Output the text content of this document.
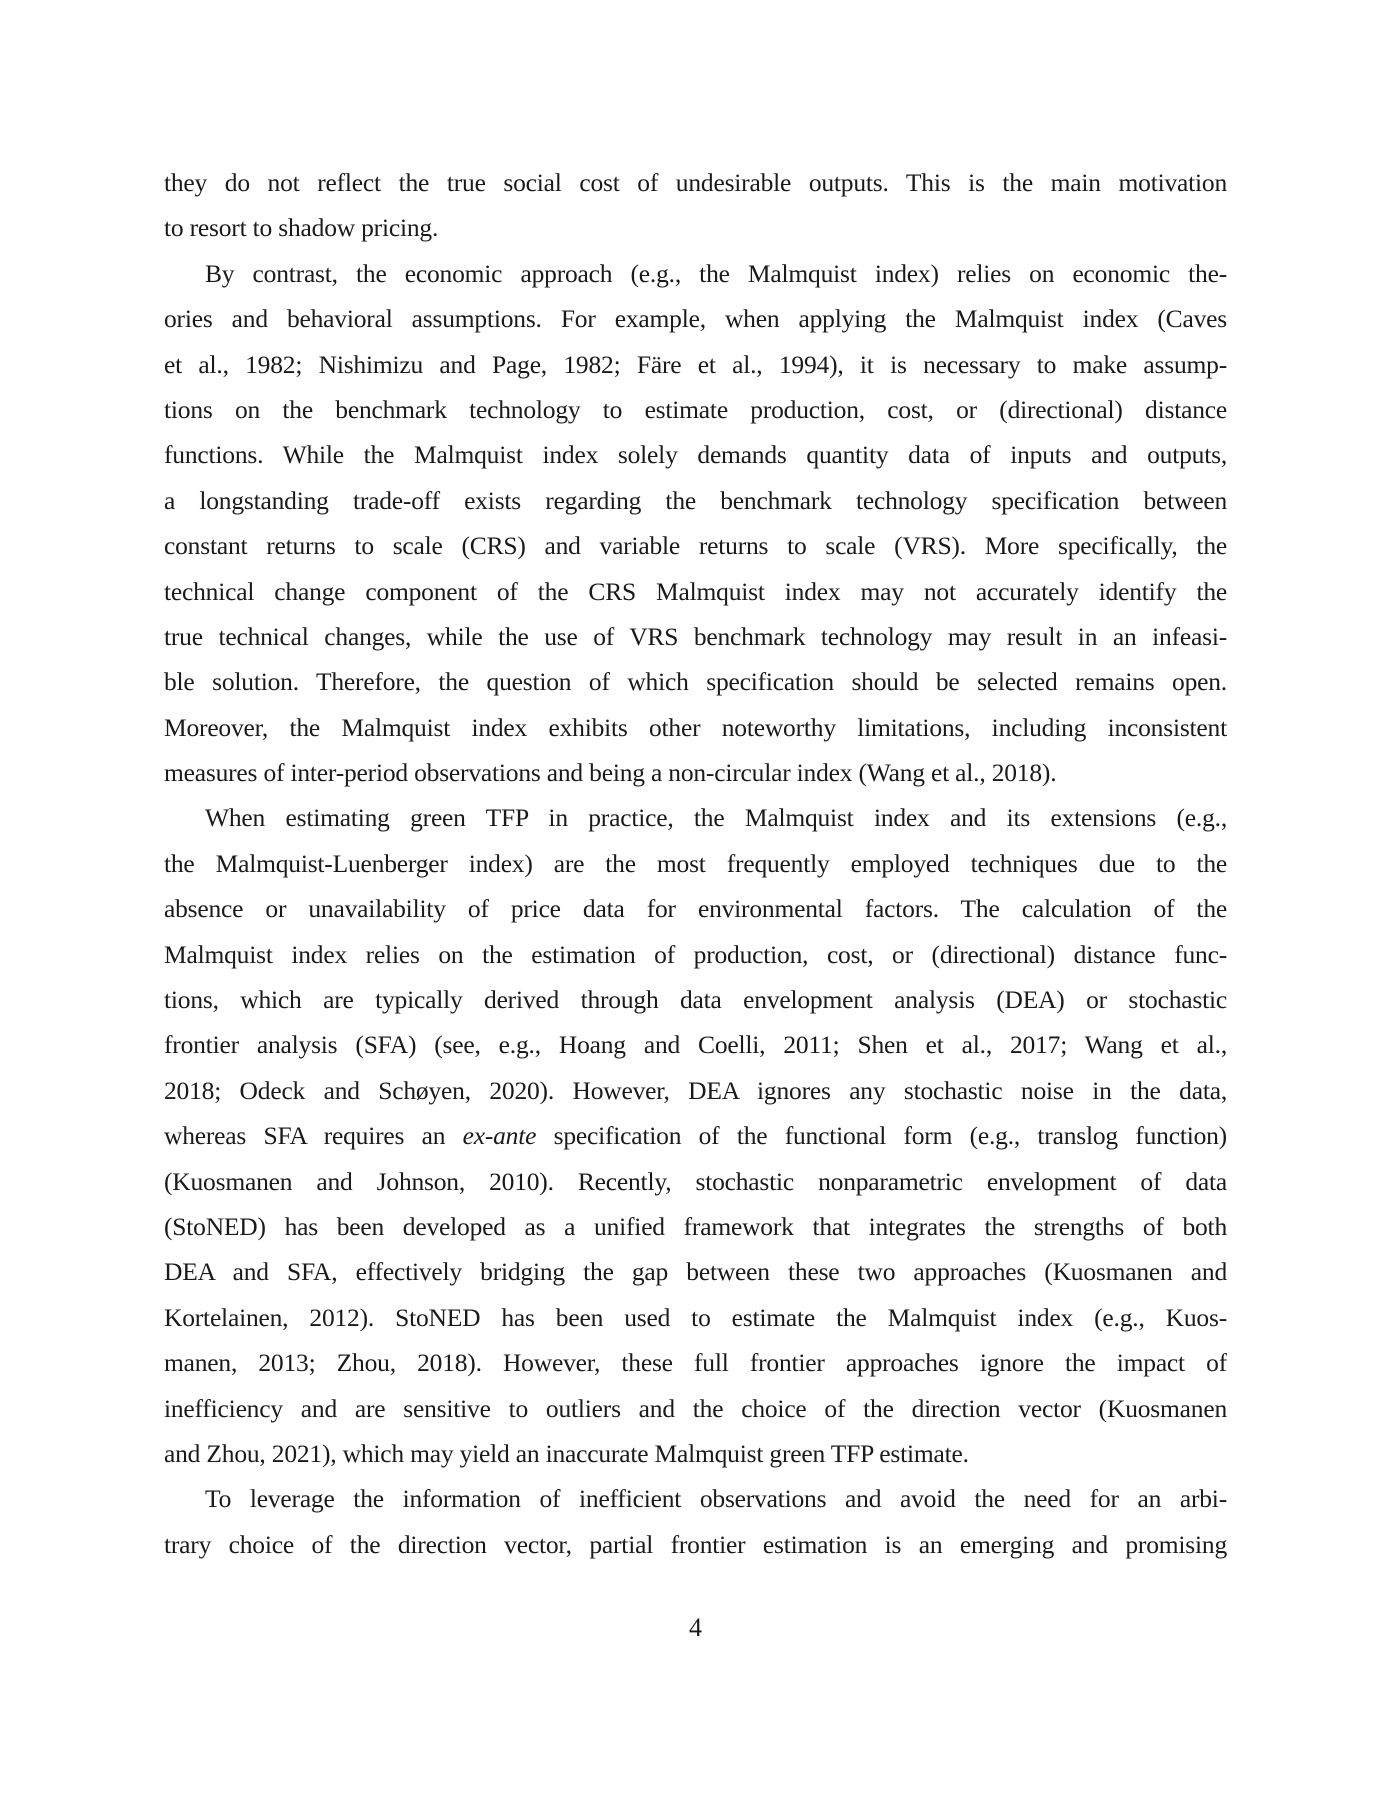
they do not reflect the true social cost of undesirable outputs. This is the main motivation
to resort to shadow pricing.
By contrast, the economic approach (e.g., the Malmquist index) relies on economic the-
ories and behavioral assumptions. For example, when applying the Malmquist index (Caves
et al., 1982; Nishimizu and Page, 1982; Färe et al., 1994), it is necessary to make assump-
tions on the benchmark technology to estimate production, cost, or (directional) distance
functions. While the Malmquist index solely demands quantity data of inputs and outputs,
a longstanding trade-off exists regarding the benchmark technology specification between
constant returns to scale (CRS) and variable returns to scale (VRS). More specifically, the
technical change component of the CRS Malmquist index may not accurately identify the
true technical changes, while the use of VRS benchmark technology may result in an infeasi-
ble solution. Therefore, the question of which specification should be selected remains open.
Moreover, the Malmquist index exhibits other noteworthy limitations, including inconsistent
measures of inter-period observations and being a non-circular index (Wang et al., 2018).
When estimating green TFP in practice, the Malmquist index and its extensions (e.g.,
the Malmquist-Luenberger index) are the most frequently employed techniques due to the
absence or unavailability of price data for environmental factors. The calculation of the
Malmquist index relies on the estimation of production, cost, or (directional) distance func-
tions, which are typically derived through data envelopment analysis (DEA) or stochastic
frontier analysis (SFA) (see, e.g., Hoang and Coelli, 2011; Shen et al., 2017; Wang et al.,
2018; Odeck and Schøyen, 2020). However, DEA ignores any stochastic noise in the data,
whereas SFA requires an ex-ante specification of the functional form (e.g., translog function)
(Kuosmanen and Johnson, 2010). Recently, stochastic nonparametric envelopment of data
(StoNED) has been developed as a unified framework that integrates the strengths of both
DEA and SFA, effectively bridging the gap between these two approaches (Kuosmanen and
Kortelainen, 2012). StoNED has been used to estimate the Malmquist index (e.g., Kuos-
manen, 2013; Zhou, 2018). However, these full frontier approaches ignore the impact of
inefficiency and are sensitive to outliers and the choice of the direction vector (Kuosmanen
and Zhou, 2021), which may yield an inaccurate Malmquist green TFP estimate.
To leverage the information of inefficient observations and avoid the need for an arbi-
trary choice of the direction vector, partial frontier estimation is an emerging and promising
4
